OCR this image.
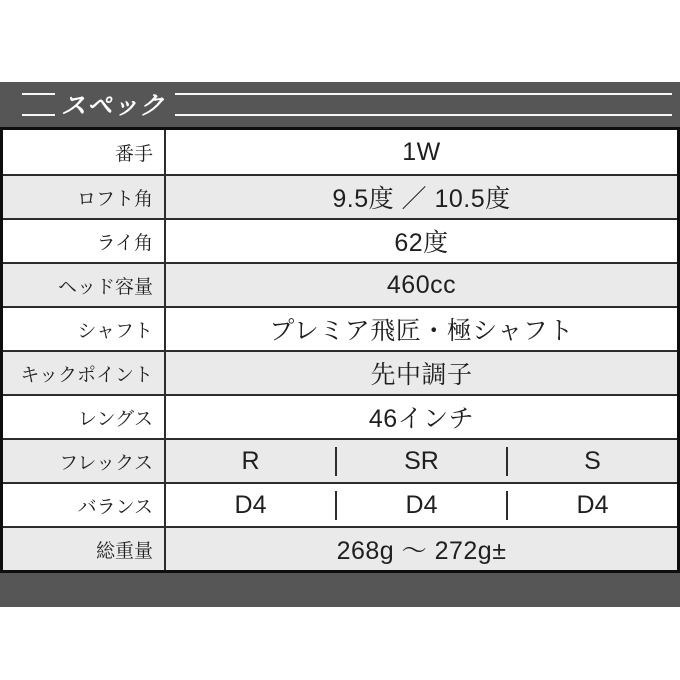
スペック
番手	1W
ロフト角	9.5度 ／ 10.5度
ライ角	62度
ヘッド容量	460cc
シャフト	プレミア飛匠・極シャフト
キックポイント	先中調子
レングス	46インチ
フレックス	R	SR	S
バランス	D4	D4	D4
総重量	268g ～ 272g±
